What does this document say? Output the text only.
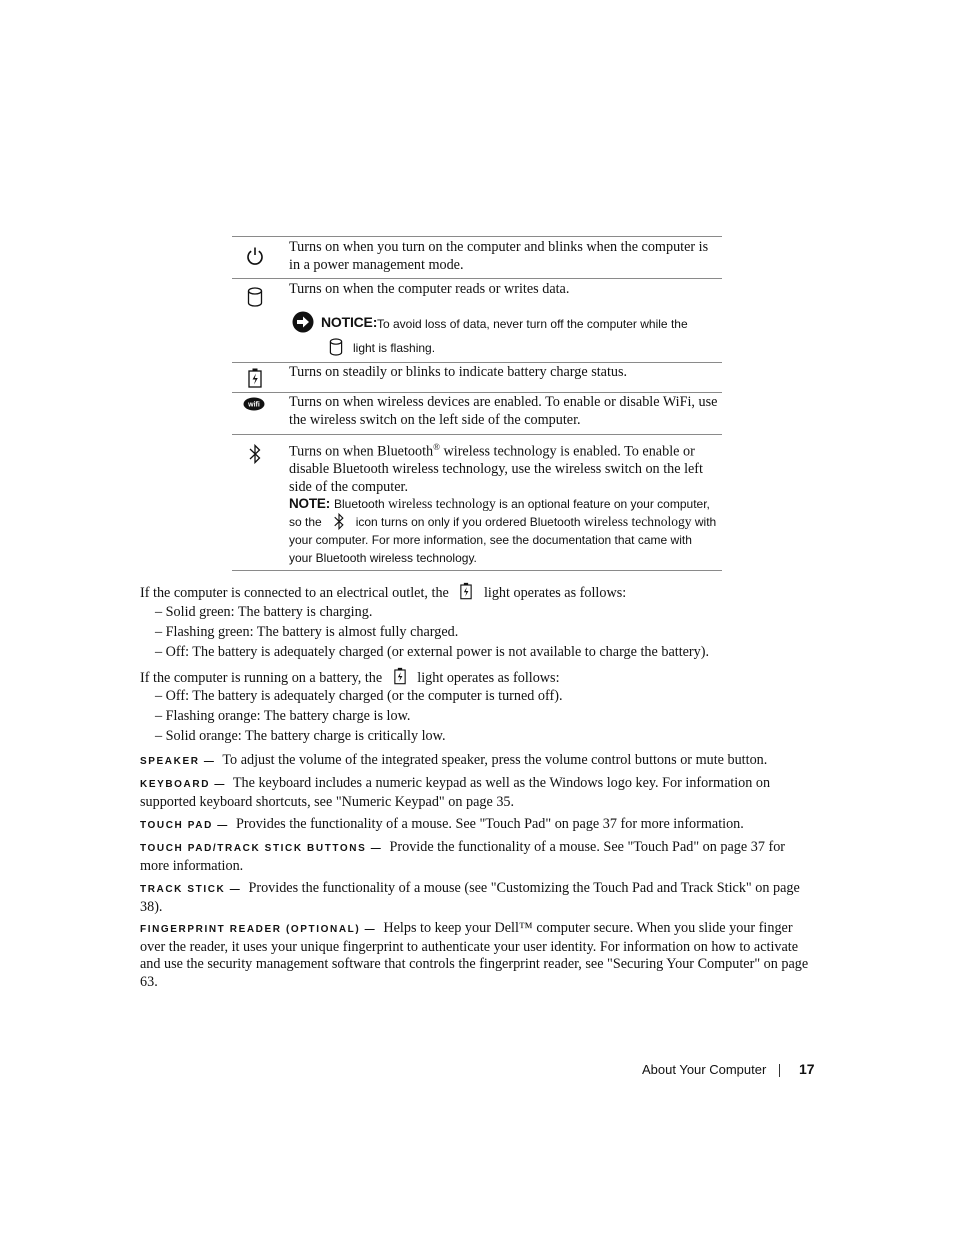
Turns on when you turn on the computer and blinks when the computer is in a power management mode.
Turns on when the computer reads or writes data.
NOTICE: To avoid loss of data, never turn off the computer while the
light is flashing.
Turns on steadily or blinks to indicate battery charge status.
wifi Turns on when wireless devices are enabled. To enable or disable WiFi, use the wireless switch on the left side of the computer.
Turns on when Bluetooth® wireless technology is enabled. To enable or disable Bluetooth wireless technology, use the wireless switch on the left side of the computer.
NOTE: Bluetooth wireless technology is an optional feature on your computer, so the	icon turns on only if you ordered Bluetooth wireless technology with your computer. For more information, see the documentation that came with your Bluetooth wireless technology.
If the computer is connected to an electrical outlet, the light operates as follows:
– Solid green: The battery is charging.
– Flashing green: The battery is almost fully charged.
– Off: The battery is adequately charged (or external power is not available to charge the battery).
If the computer is running on a battery, the light operates as follows:
– Off: The battery is adequately charged (or the computer is turned off).
– Flashing orange: The battery charge is low.
– Solid orange: The battery charge is critically low.
SPEAKER — To adjust the volume of the integrated speaker, press the volume control buttons or mute button.
KEYBOARD — The keyboard includes a numeric keypad as well as the Windows logo key. For information on supported keyboard shortcuts, see "Numeric Keypad" on page 35.
TOUCH PAD — Provides the functionality of a mouse. See "Touch Pad" on page 37 for more information.
TOUCH PAD/TRACK STICK BUTTONS — Provide the functionality of a mouse. See "Touch Pad" on page 37 for more information.
TRACK STICK — Provides the functionality of a mouse (see "Customizing the Touch Pad and Track Stick" on page 38).
FINGERPRINT READER (OPTIONAL) — Helps to keep your Dell™ computer secure. When you slide your finger over the reader, it uses your unique fingerprint to authenticate your user identity. For information on how to activate and use the security management software that controls the fingerprint reader, see "Securing Your Computer" on page 63.
About Your Computer 17
